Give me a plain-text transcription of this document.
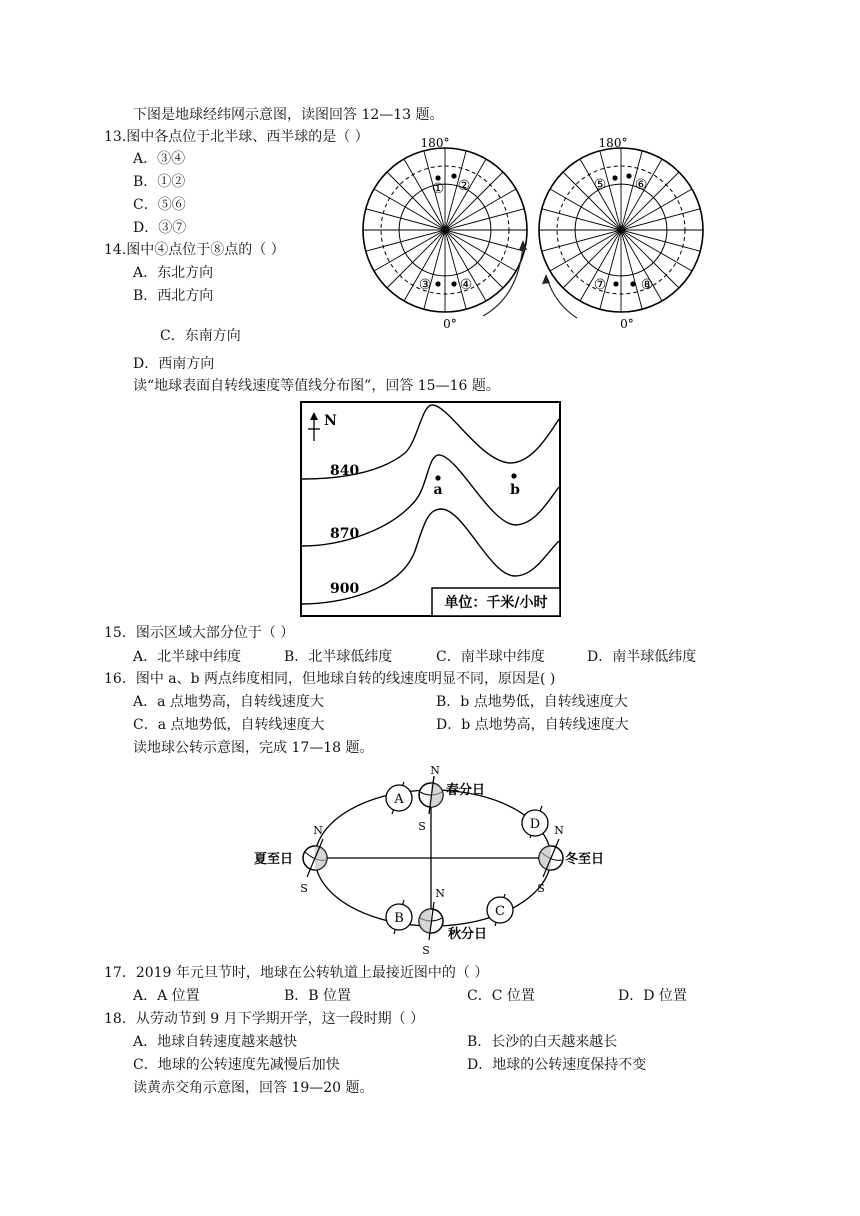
下图是地球经纬网示意图，读图回答 12—13 题。
13.图中各点位于北半球、西半球的是（ ）
A．③④
B．①②
C．⑤⑥
D．③⑦
14.图中④点位于⑧点的（ ）
A．东北方向
B．西北方向
C．东南方向
D．西南方向
180°	180°
0°	0°
① ②
③ ④
⑤ ⑥
⑦ ⑧
读“地球表面自转线速度等值线分布图”，回答 15—16 题。
N
840
870
900
a	b
单位：千米/小时
15．图示区域大部分位于（ ）
A．北半球中纬度	B．北半球低纬度	C．南半球中纬度	D．南半球低纬度
16．图中 a、b 两点纬度相同，但地球自转的线速度明显不同，原因是( )
A．a 点地势高，自转线速度大	B．b 点地势低，自转线速度大
C．a 点地势低，自转线速度大	D．b 点地势高，自转线速度大
读地球公转示意图，完成 17—18 题。
A
D
B	C
N
S
N
S
N
S
N
S
春分日
夏至日	冬至日
秋分日
17．2019 年元旦节时，地球在公转轨道上最接近图中的（ ）
A．A 位置	B．B 位置	C．C 位置	D．D 位置
18．从劳动节到 9 月下学期开学，这一段时期（ ）
A．地球自转速度越来越快	B．长沙的白天越来越长
C．地球的公转速度先减慢后加快	D．地球的公转速度保持不变
读黄赤交角示意图，回答 19—20 题。
